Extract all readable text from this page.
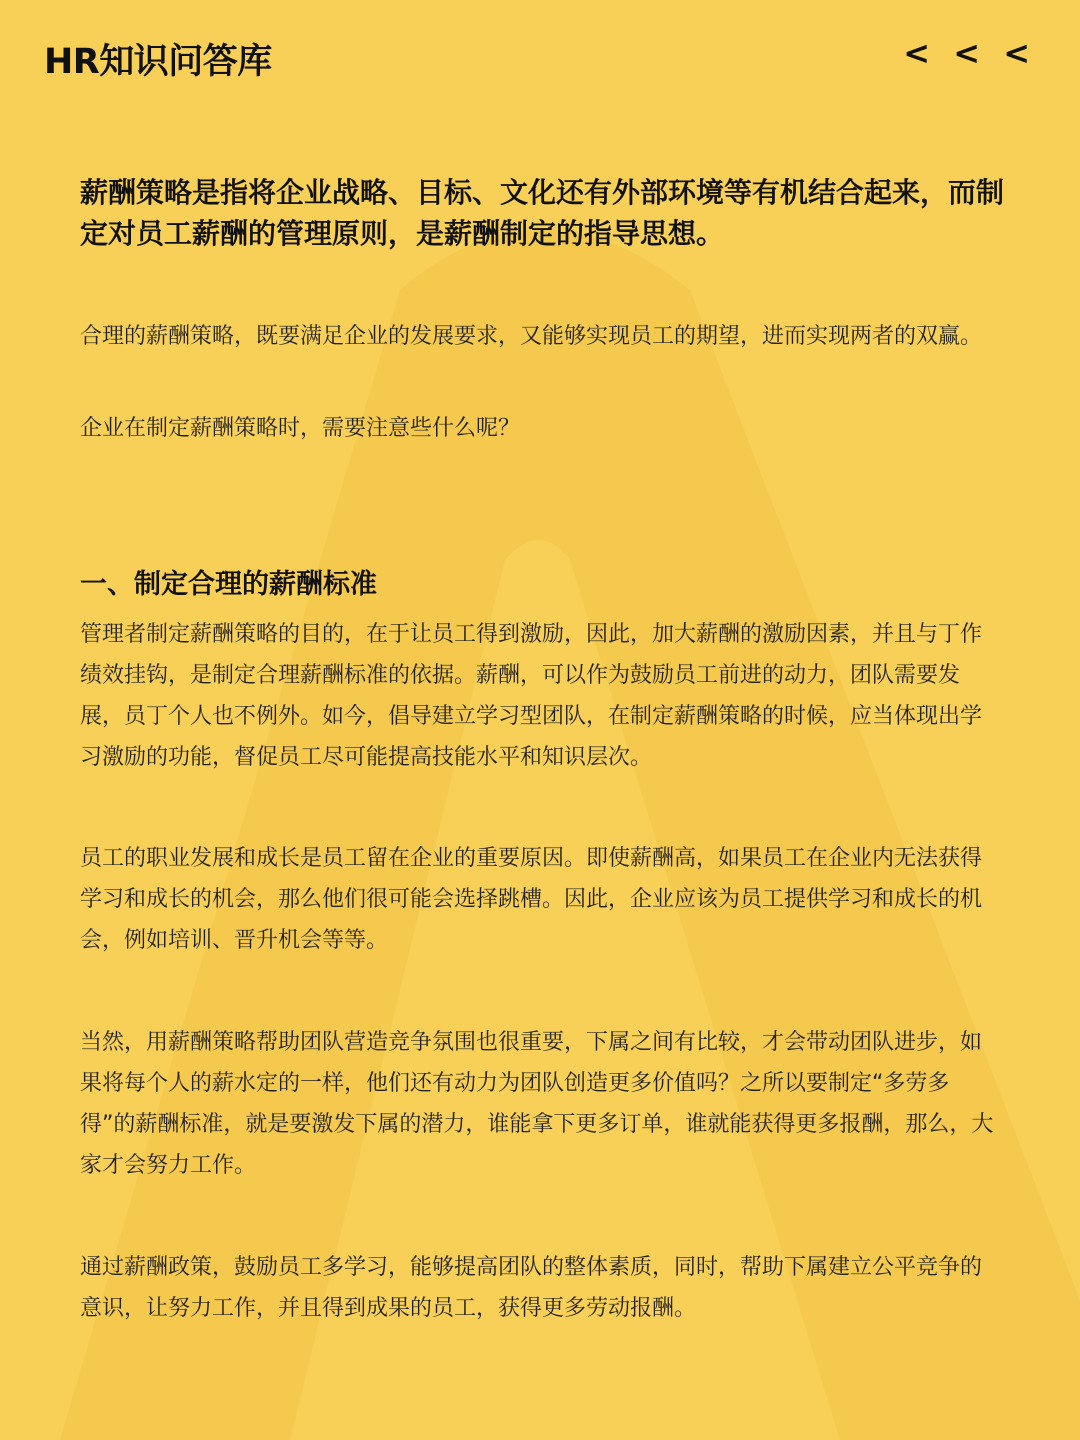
HR知识问答库	< < <
薪酬策略是指将企业战略、目标、文化还有外部环境等有机结合起来，而制定对员工薪酬的管理原则，是薪酬制定的指导思想。

合理的薪酬策略，既要满足企业的发展要求，又能够实现员工的期望，进而实现两者的双赢。

企业在制定薪酬策略时，需要注意些什么呢？

一、制定合理的薪酬标准

管理者制定薪酬策略的目的，在于让员工得到激励，因此，加大薪酬的激励因素，并且与丁作绩效挂钩，是制定合理薪酬标准的依据。薪酬，可以作为鼓励员工前进的动力，团队需要发展，员丁个人也不例外。如今，倡导建立学习型团队，在制定薪酬策略的时候，应当体现出学习激励的功能，督促员工尽可能提高技能水平和知识层次。

员工的职业发展和成长是员工留在企业的重要原因。即使薪酬高，如果员工在企业内无法获得学习和成长的机会，那么他们很可能会选择跳槽。因此，企业应该为员工提供学习和成长的机会，例如培训、晋升机会等等。

当然，用薪酬策略帮助团队营造竞争氛围也很重要，下属之间有比较，才会带动团队进步，如果将每个人的薪水定的一样，他们还有动力为团队创造更多价值吗？之所以要制定“多劳多得”的薪酬标准，就是要激发下属的潜力，谁能拿下更多订单，谁就能获得更多报酬，那么，大家才会努力工作。

通过薪酬政策，鼓励员工多学习，能够提高团队的整体素质，同时，帮助下属建立公平竞争的意识，让努力工作，并且得到成果的员工，获得更多劳动报酬。
